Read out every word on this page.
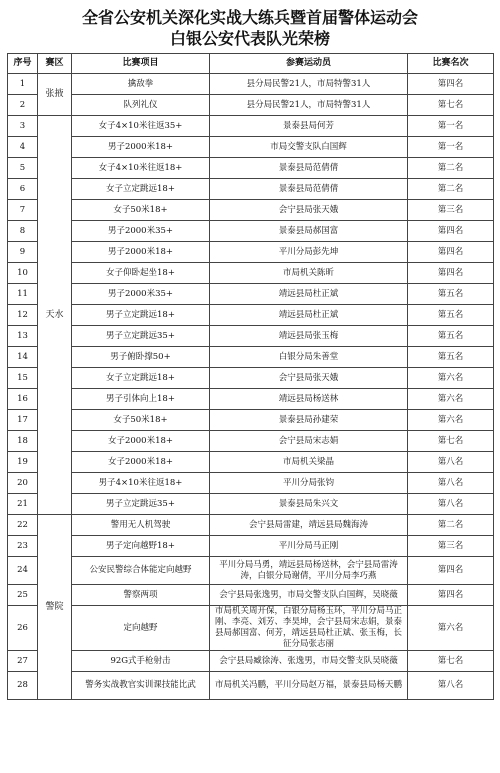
全省公安机关深化实战大练兵暨首届警体运动会
白银公安代表队光荣榜
序号	赛区	比赛项目	参赛运动员	比赛名次
1	张掖	擒敌拳	县分局民警21人，市局特警31人	第四名
2		队列礼仪	县分局民警21人，市局特警31人	第七名
3	天水	女子4×10米往返35+	景泰县局何芳	第一名
4		男子2000米18+	市局交警支队白国辉	第一名
5		女子4×10米往返18+	景泰县局范倩倩	第二名
6		女子立定跳远18+	景泰县局范倩倩	第二名
7		女子50米18+	会宁县局张天娥	第三名
8		男子2000米35+	景泰县局郝国富	第四名
9		男子2000米18+	平川分局彭先坤	第四名
10		女子仰卧起坐18+	市局机关陈昕	第四名
11		男子2000米35+	靖远县局杜正斌	第五名
12		男子立定跳远18+	靖远县局杜正斌	第五名
13		男子立定跳远35+	靖远县局张玉梅	第五名
14		男子俯卧撑50+	白银分局朱善堂	第五名
15		女子立定跳远18+	会宁县局张天娥	第六名
16		男子引体向上18+	靖远县局杨送林	第六名
17		女子50米18+	景泰县局孙建荣	第六名
18		女子2000米18+	会宁县局宋志娟	第七名
19		女子2000米18+	市局机关梁晶	第八名
20		男子4×10米往返18+	平川分局张钧	第八名
21		男子立定跳远35+	景泰县局朱兴文	第八名
22	警院	警用无人机驾驶	会宁县局雷建，靖远县局魏海涛	第二名
23		男子定向越野18+	平川分局马正刚	第三名
24		公安民警综合体能定向越野	平川分局马勇，靖远县局杨送林，会宁县局雷涛涛，白银分局谢倩，平川分局李巧燕	第四名
25		警察两项	会宁县局张逸男，市局交警支队白国辉，吴晓薇	第四名
26		定向越野	市局机关周开保，白银分局杨玉环，平川分局马正刚、李亮、刘芳、李昊坤，会宁县局宋志娟，景泰县局郝国富、何芳，靖远县局杜正斌、张玉梅，长征分局张志丽	第六名
27		92G式手枪射击	会宁县局臧徐涛、张逸男，市局交警支队吴晓薇	第七名
28		警务实战教官实训课技能比武	市局机关冯鹏，平川分局赵万福，景泰县局杨天鹏	第八名
